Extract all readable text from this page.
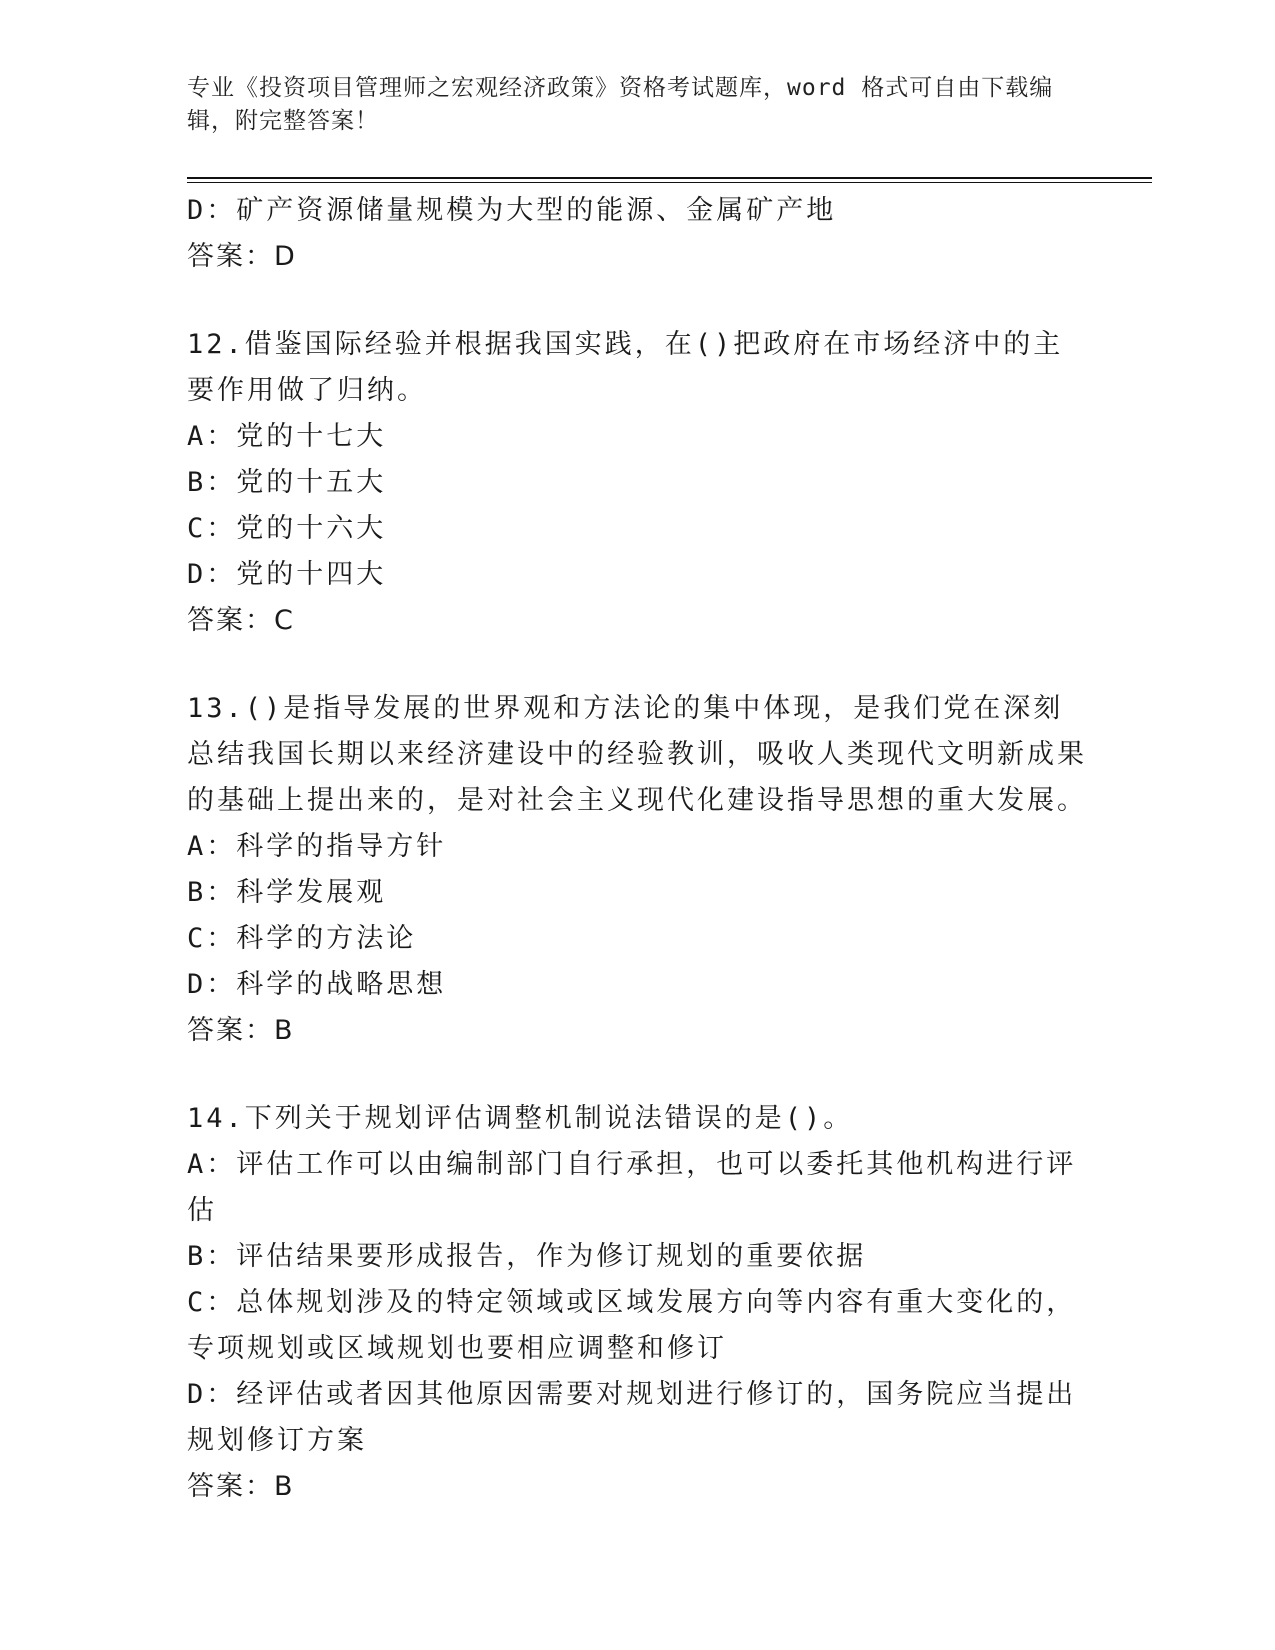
专业《投资项目管理师之宏观经济政策》资格考试题库，word 格式可自由下载编辑，附完整答案！

D：矿产资源储量规模为大型的能源、金属矿产地

答案：D

12.借鉴国际经验并根据我国实践，在()把政府在市场经济中的主要作用做了归纳。

A：党的十七大

B：党的十五大

C：党的十六大

D：党的十四大

答案：C

13.()是指导发展的世界观和方法论的集中体现，是我们党在深刻总结我国长期以来经济建设中的经验教训，吸收人类现代文明新成果的基础上提出来的，是对社会主义现代化建设指导思想的重大发展。

A：科学的指导方针

B：科学发展观

C：科学的方法论

D：科学的战略思想

答案：B

14.下列关于规划评估调整机制说法错误的是()。

A：评估工作可以由编制部门自行承担，也可以委托其他机构进行评估

B：评估结果要形成报告，作为修订规划的重要依据

C：总体规划涉及的特定领域或区域发展方向等内容有重大变化的，专项规划或区域规划也要相应调整和修订

D：经评估或者因其他原因需要对规划进行修订的，国务院应当提出规划修订方案

答案：B
